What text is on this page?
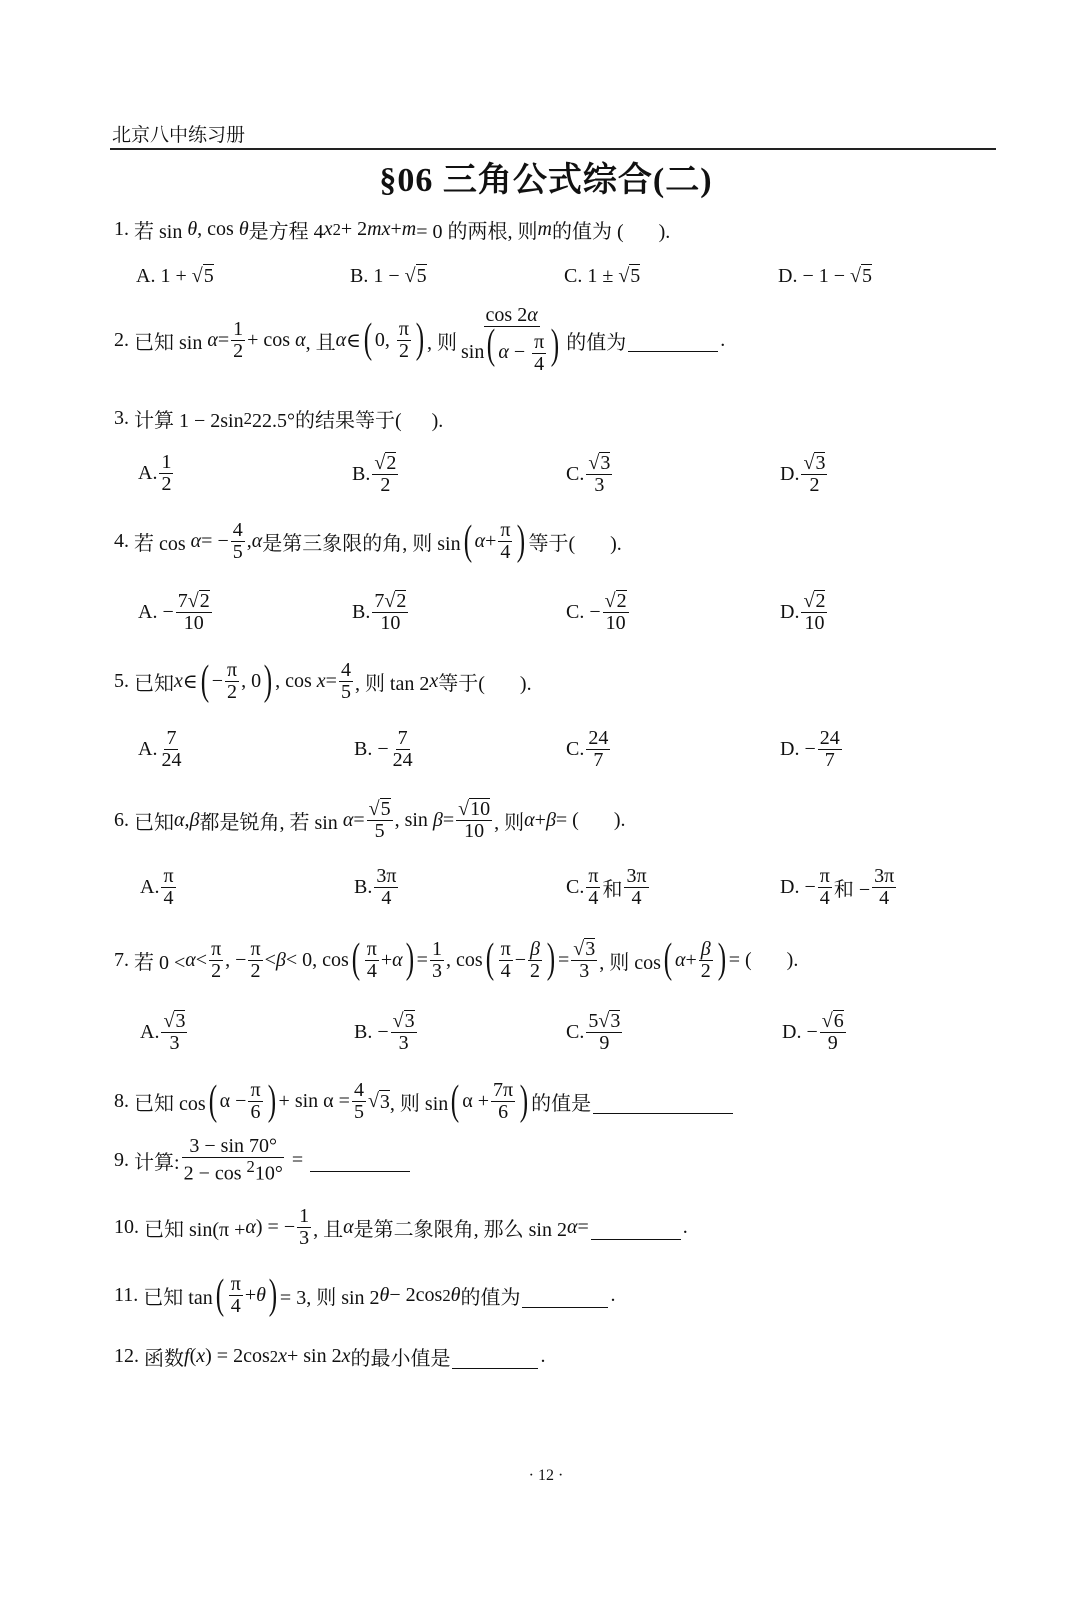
北京八中练习册
§06 三角公式综合(二)
1. 若 sin θ , cos θ 是方程 4 x 2 + 2 mx + m = 0 的两根, 则 m 的值为 (       ).
A. 1 + √ 5	B. 1 − √ 5	C. 1 ± √ 5	D. − 1 − √ 5
2. 已知 $\sin \alpha = \frac{1}{2} + \cos \alpha$ , 且 α ∈ ( 0, $\frac{\pi}{2}$ ) , 则 $\frac{\cos 2\alpha}{\sin( \alpha - \frac{\pi}{4} )}$ 的值为
	.
3. 计算 1 − 2sin 2 22.5°的结果等于(      ).
A. $\frac{1}{2}$	B. $\frac{√2}{2}$	C. $\frac{√3}{3}$	D. $\frac{√3}{2}$
4. 若 cos α = − $\frac{4}{5}$ , α 是第三象限的角, 则 sin ( $\alpha + \frac{\pi}{4}$ ) 等于(       ).
A. − $\frac{7√2}{10}$	B. $\frac{7√2}{10}$	C. − $\frac{√2}{10}$	D. $\frac{√2}{10}$
5. 已知 x ∈ ( − $\frac{\pi}{2}$ , 0 ) , $\cos x = \frac{4}{5}$ , 则 tan 2 x 等于(       ).
A. $\frac{7}{24}$	B. − $\frac{7}{24}$	C. $\frac{24}{7}$	D. − $\frac{24}{7}$
6. 已知 α , β 都是锐角, 若 $\sin \alpha = \frac{√5}{5}$ , $\sin \beta = \frac{√10}{10}$ , 则 α + β = (       ).
A. $\frac{\pi}{4}$	B. $\frac{3\pi}{4}$	C. $\frac{\pi}{4}$ 和 $\frac{3\pi}{4}$	D. − $\frac{\pi}{4}$ 和 − $\frac{3\pi}{4}$
7. 若 $0 < \alpha < \frac{\pi}{2}$ , − $\frac{\pi}{2} < \beta < 0$, cos ( $\frac{\pi}{4} + \alpha$ ) = $\frac{1}{3}$ , cos ( $\frac{\pi}{4} - \frac{\beta}{2}$ ) = $\frac{√3}{3}$ , 则 cos ( $\alpha + \frac{\beta}{2}$ ) = (       ).
A. $\frac{√3}{3}$	B. − $\frac{√3}{3}$	C. $\frac{5√3}{9}$	D. − $\frac{√6}{9}$
8. 已知 cos ( $\alpha - \frac{\pi}{6}$ ) + $\sin \alpha = \frac{4}{5}$ √ 3 , 则 sin ( $\alpha + \frac{7\pi}{6}$ ) 的值是

9. 计算: $\frac{3 - \sin 70^\circ}{2 - \cos ^210^\circ}$ =

10. 已知 sin(π + α ) = − $\frac{1}{3}$ , 且 α 是第二象限角, 那么 sin 2 α =
	.
11. 已知 tan ( $\frac{\pi}{4} + \theta$ ) = 3, 则 sin 2 θ − 2cos 2 θ 的值为
	.
12. 函数 f ( x ) = 2cos 2 x + sin 2 x 的最小值是
	.
· 12 ·
